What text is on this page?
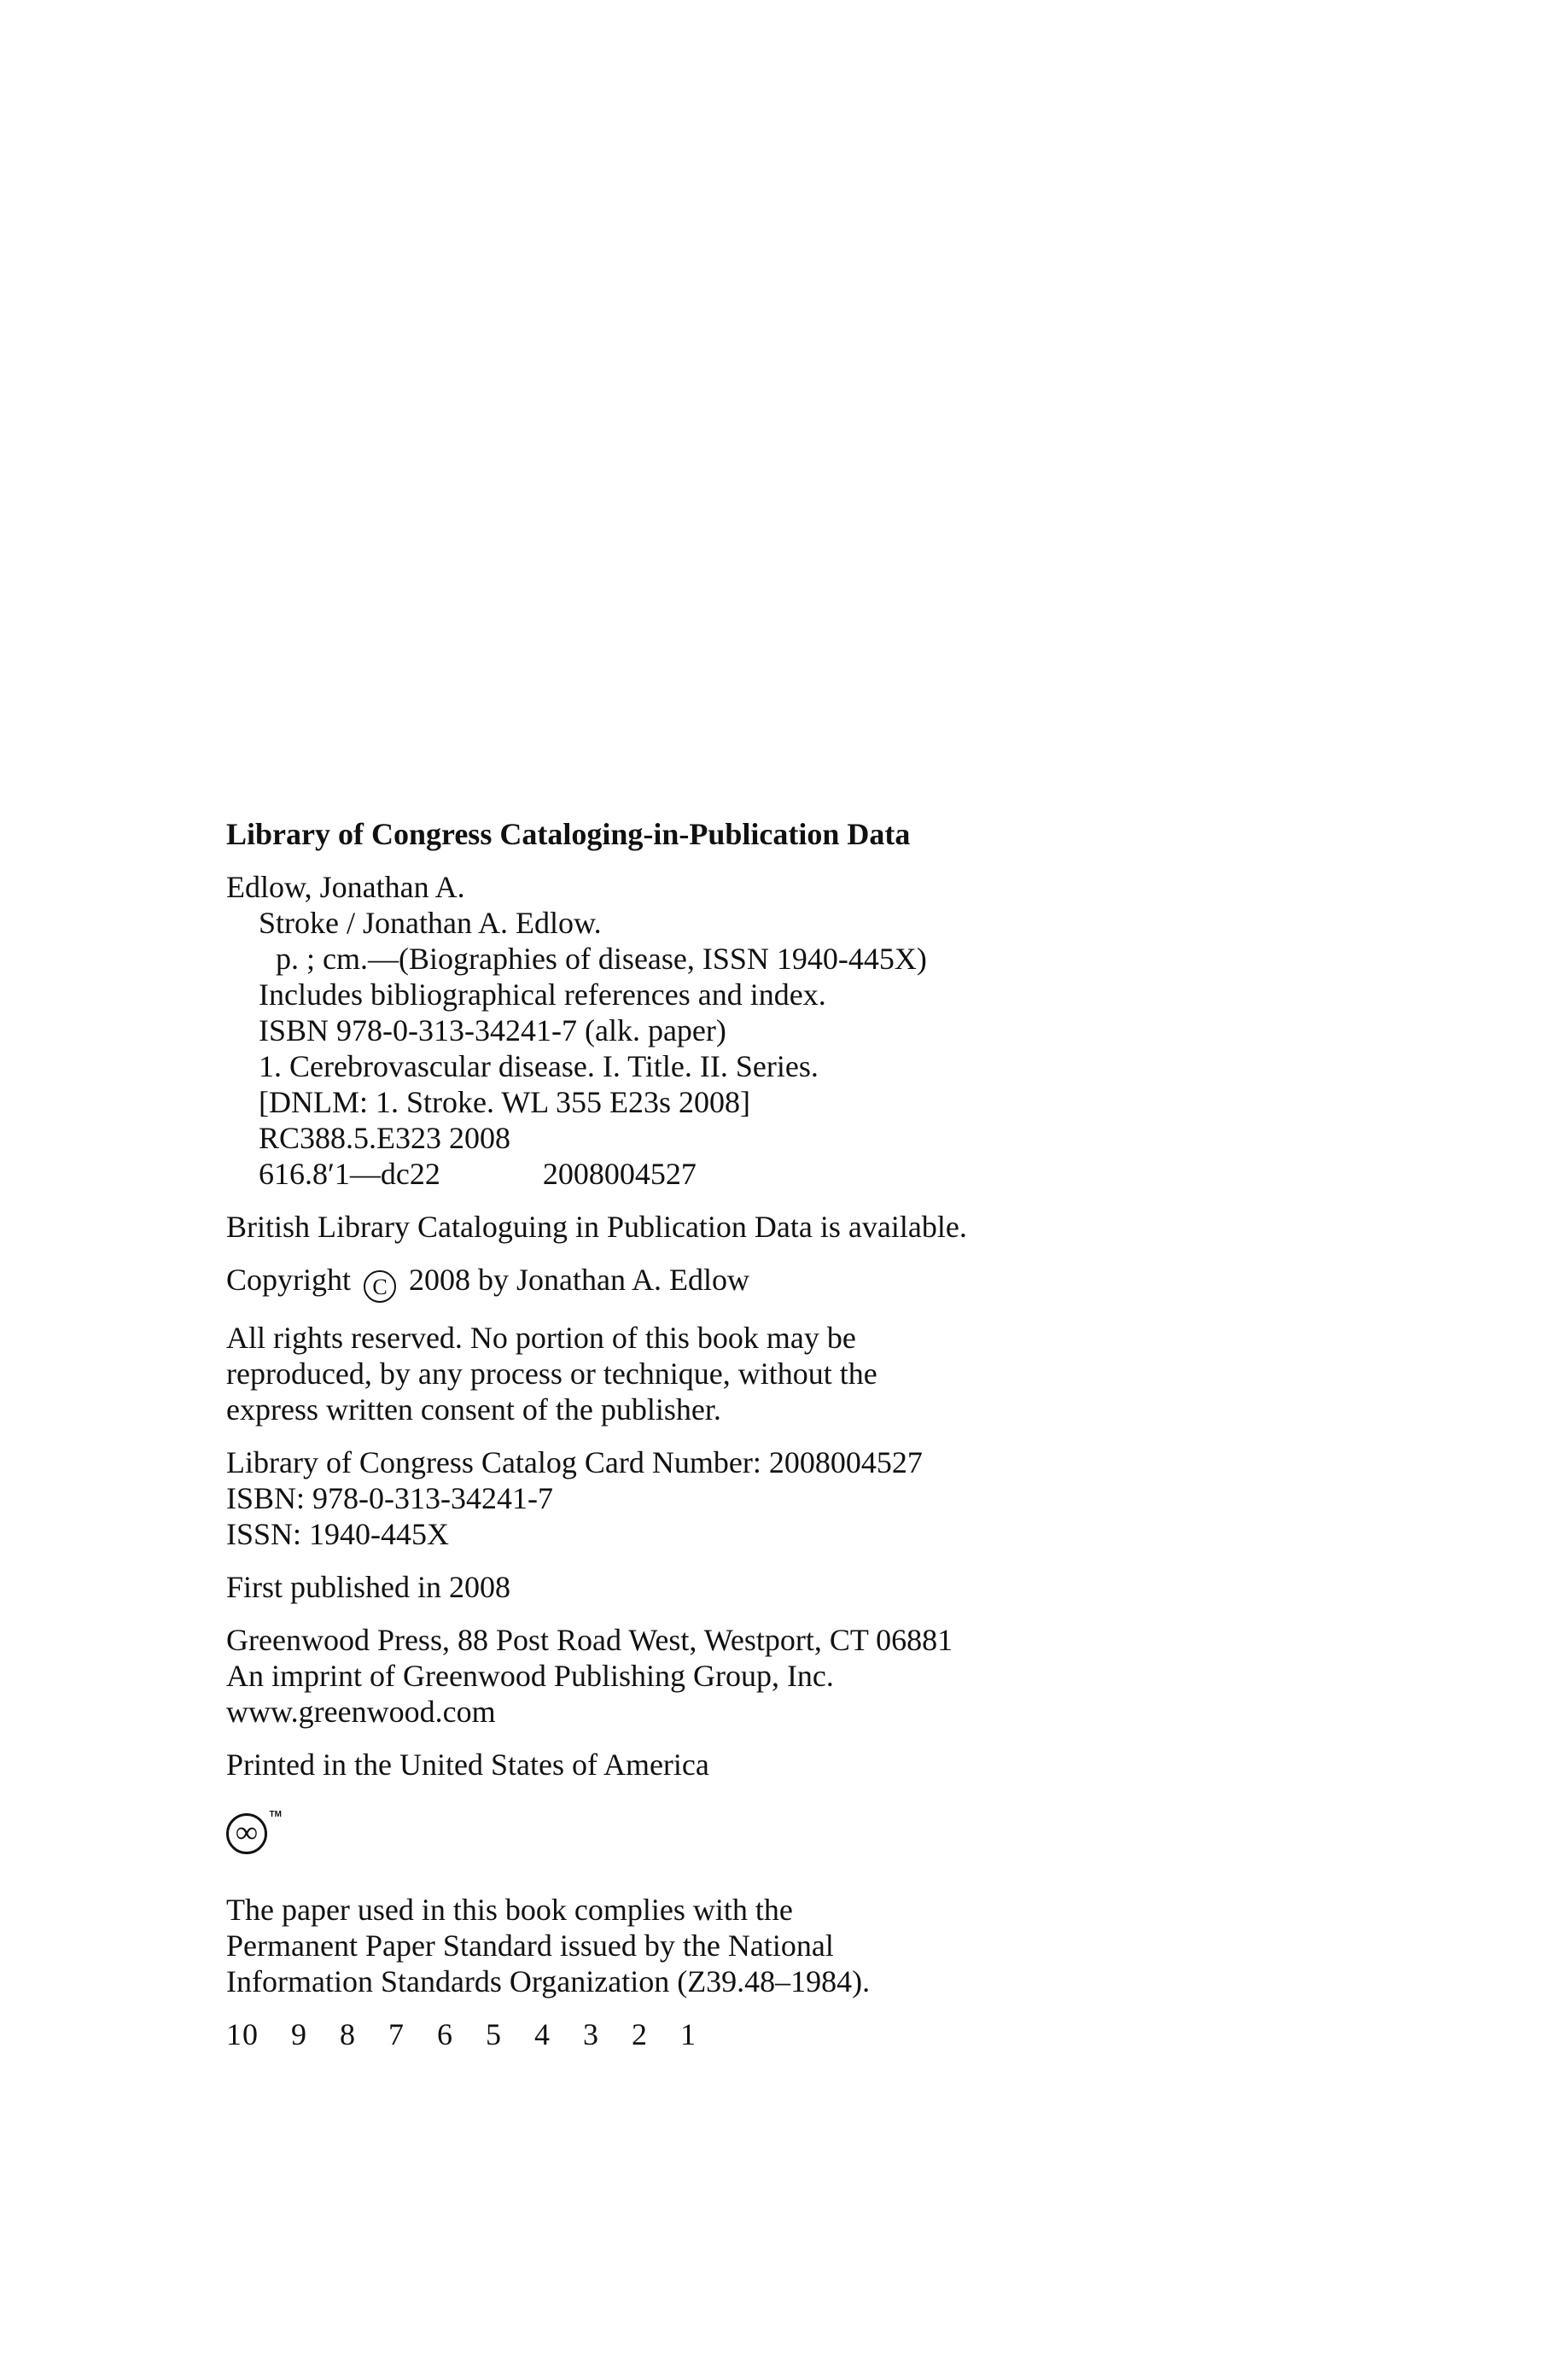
Library of Congress Cataloging-in-Publication Data
Edlow, Jonathan A.
Stroke / Jonathan A. Edlow.
p. ; cm.—(Biographies of disease, ISSN 1940-445X)
Includes bibliographical references and index.
ISBN 978-0-313-34241-7 (alk. paper)
1. Cerebrovascular disease. I. Title. II. Series.
[DNLM: 1. Stroke. WL 355 E23s 2008]
RC388.5.E323 2008
616.8′1—dc22	2008004527
British Library Cataloguing in Publication Data is available.
Copyright C 2008 by Jonathan A. Edlow
All rights reserved. No portion of this book may be
reproduced, by any process or technique, without the
express written consent of the publisher.
Library of Congress Catalog Card Number: 2008004527
ISBN: 978-0-313-34241-7
ISSN: 1940-445X
First published in 2008
Greenwood Press, 88 Post Road West, Westport, CT 06881
An imprint of Greenwood Publishing Group, Inc.
www.greenwood.com
Printed in the United States of America
∞
TM
The paper used in this book complies with the
Permanent Paper Standard issued by the National
Information Standards Organization (Z39.48–1984).
10 9 8 7 6 5 4 3 2 1
